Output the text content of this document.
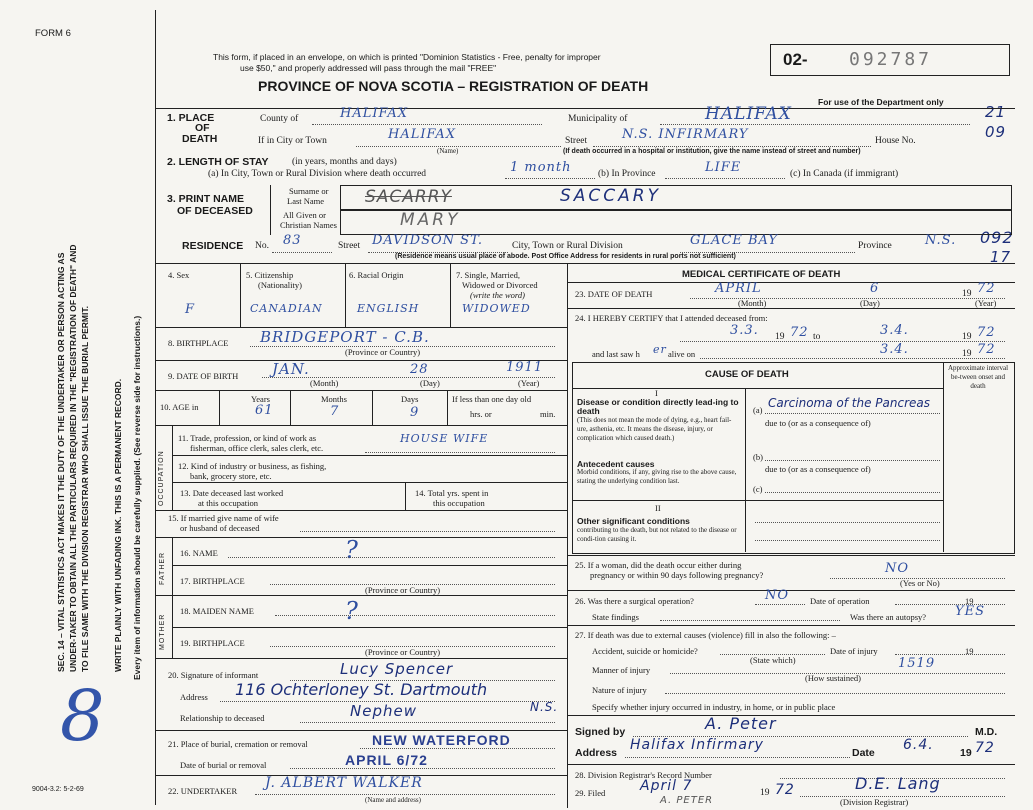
FORM 6
This form, if placed in an envelope, on which is printed "Dominion Statistics - Free, penalty for improper
use $50," and properly addressed will pass through the mail "FREE"
PROVINCE OF NOVA SCOTIA – REGISTRATION OF DEATH
02- 092787
For use of the Department only
21
09
092
17
SEC. 14 – VITAL STATISTICS ACT MAKES IT THE DUTY OF THE UNDERTAKER OR PERSON ACTING AS UNDER-TAKER TO OBTAIN ALL THE PARTICULARS REQUIRED IN THE "REGISTRATION OF DEATH" AND TO FILE SAME WITH THE DIVISION REGISTRAR WHO SHALL ISSUE THE BURIAL PERMIT.	WRITE PLAINLY WITH UNFADING INK. THIS IS A PERMANENT RECORD. Every item of information should be carefully supplied. (See reverse side for instructions.)
8
9004-3.2: 5-2-69
1. PLACE
OF
DEATH
County of	HALIFAX	Municipality of	HALIFAX
If in City or Town	HALIFAX
(Name)
Street	N.S. INFIRMARY	House No.
(If death occurred in a hospital or institution, give the name instead of street and number)
2. LENGTH OF STAY (in years, months and days)
(a) In City, Town or Rural Division where death occurred	1 month	(b) In Province	LIFE	(c) In Canada (if immigrant)
3. PRINT NAME
OF DECEASED
Surname or
Last Name
All Given or
Christian Names
SACARRY	SACCARY
MARY
RESIDENCE No. 83	Street DAVIDSON ST.	City, Town or Rural Division	GLACE BAY	Province	N.S.
(Residence means usual place of abode. Post Office Address for residents in rural ports not sufficient)
4. Sex
F
5. Citizenship
(Nationality)
CANADIAN
6. Racial Origin
ENGLISH
7. Single, Married,
Widowed or Divorced
(write the word)
WIDOWED
8. BIRTHPLACE BRIDGEPORT - C.B.
(Province or Country)
9. DATE OF BIRTH JAN.	28	1911
(Month)	(Day)	(Year)
10. AGE in
Years
61
Months
7
Days
9
If less than one day old
hrs. or	min.
OCCUPATION
11. Trade, profession, or kind of work as
fisherman, office clerk, sales clerk, etc.
HOUSE WIFE
12. Kind of industry or business, as fishing,
bank, grocery store, etc.
13. Date deceased last worked
at this occupation
14. Total yrs. spent in
this occupation
15. If married give name of wife
or husband of deceased
FATHER 16. NAME	?
17. BIRTHPLACE
(Province or Country)
MOTHER
18. MAIDEN NAME	?
19. BIRTHPLACE
(Province or Country)
20. Signature of informant	Lucy Spencer
Address 116 Ochterloney St. Dartmouth
N.S.
Relationship to deceased	Nephew
21. Place of burial, cremation or removal	NEW WATERFORD
Date of burial or removal	APRIL 6/72
22. UNDERTAKER J. ALBERT WALKER
(Name and address)
MEDICAL CERTIFICATE OF DEATH
23. DATE OF DEATH	APRIL	6	19 72
(Month)	(Day)	(Year)
24. I HEREBY CERTIFY that I attended deceased from:
3.3. 19 72 to	3.4.	19 72
and last saw h er alive on	3.4.	19 72
CAUSE OF DEATH
Approximate interval be-tween onset and death
I
Disease or condition directly lead-ing to death
(This does not mean the mode of dying, e.g., heart fail-ure, asthenia, etc. It means the disease, injury, or complication which caused death.)
(a) Carcinoma of the Pancreas
due to (or as a consequence of)
(b)
due to (or as a consequence of)
(c)
Antecedent causes
Morbid conditions, if any, giving rise to the above cause, stating the underlying condition last.
II
Other significant conditions
contributing to the death, but not related to the disease or condi-tion causing it.
25. If a woman, did the death occur either during
pregnancy or within 90 days following pregnancy?	NO
(Yes or No)
26. Was there a surgical operation?	NO Date of operation	19
State findings	Was there an autopsy? YES
27. If death was due to external causes (violence) fill in also the following: –
Accident, suicide or homicide?
(State which)
Date of injury	19
Manner of injury	1519
(How sustained)
Nature of injury
Specify whether injury occurred in industry, in home, or in public place
Signed by	A. Peter	M.D.
Address Halifax Infirmary	Date 6.4.	19 72
28. Division Registrar's Record Number
29. Filed April 7	19 72
A. PETER
D.E. Lang
(Division Registrar)
